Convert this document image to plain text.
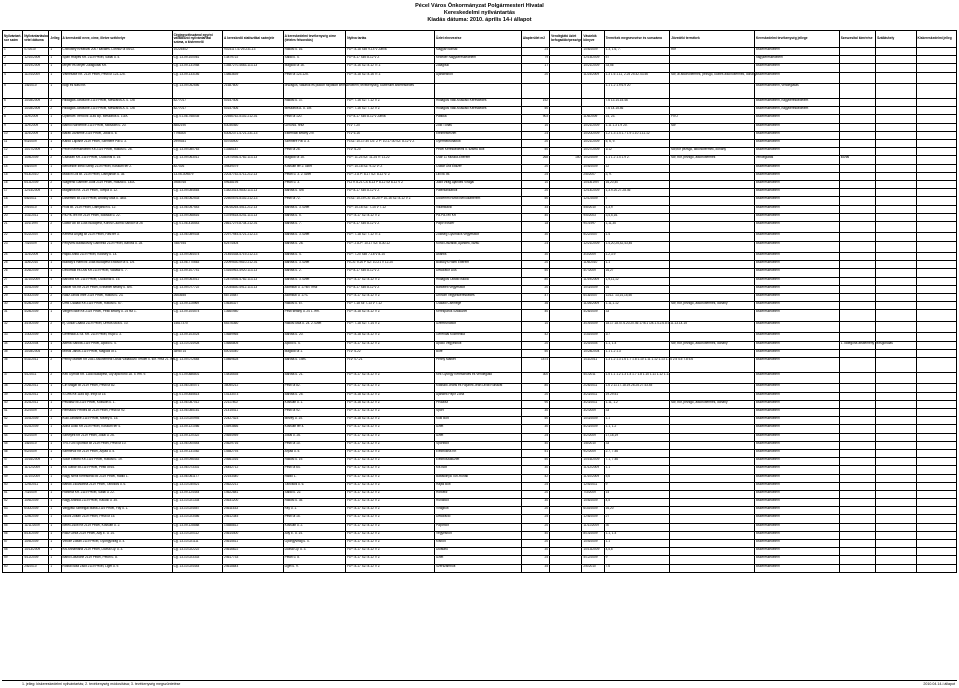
Pécel Város Önkormányzat Polgármesteri Hivatal
Kereskedelmi nyilvántartás
Kiadás dátuma: 2010. április 14-i állapot
Nyilvántart. sor szám	Nyilvántartásba vétel dátuma	Jelleg	A kereskedő neve, címe, illetve székhelye	Cégjegyzékszáma/ egyéni vállalkozói nyilvántartási száma, a kistermelő	A kereskedő statisztikai számjele	A kereskedelmi tevékenység címe (tételes felsorolás)	Nyitva tartás	Üzlet elnevezése	Alapterület m2	Vendéglátó üzlet befogadóképessége	Vásárlók könyve	Termékek megnevezése és sorszáma	Jövedéki termékek	Kereskedelmi tevékenység jellege	Szeszesital kimérése	Szálláshely	Kiskereskedelmi jelleg
1	07/2010	1	Chinoxley Kreatívai 2007 kavales. Lőrincz út 59/22.	10225402	9024117-4729-231-13	Rákosi u. 16.	H-P: 8-18 Szo 9-14 V Zárva	Magyar Bonsai	24		10/6/2009	1.3, 1.6, 7.	bor	kiskereskedelem			
2	12/10/2009	1	Spari Hrapes Kft. 2119 Pécel, Sallai u. 4.	Cg. 13-09-100061	13879722	Sallai u. 4.	H-P 8-17 Szo 8-12 V Z	Kelleder Nagykereskedelem	79		12/15/2009	57		nagykereskedelem			
3	10/19/2009	1	Meyer és Meyer Zalaglobal Kft.	Cg. 13-09-131958	13587270-4663-113-13	Maglódi út 16.	H-P: 8-16 SZ: 8-12 V: Z	Zalaglfúk	17		10/21/2009	33,56		kiskereskedelem			
4	11/24/2009	1	Vámeszke Kft. 2119 Pécel, Pesti út 123-125.	Cg. 13-09-133146	14863639	Pesti út 123-125.	H-P: 8-18 SZ: 8-16 V: Z	Ajándékbolt	20		11/24/2009	1.3 1.6 1.11, 2.25 25.42.43.46	sör, al alkoholtermék, pezsgő, köztes alkoholtermék, dohány	kiskereskedelem			
5	1/8/2010	1	Bogi és Nasi Kft.	Cg. 13-09-052656	21687800	országos, vásárok és piacon folytatott kereskedelem; tevékenység, közterület árkereskedés						1.1 1.2 1.9 6.9 20		kiskereskedelem, vendéglátás			
6	10/28/2009	2	Hildaglos Járvaone 2119 Pécel, Mészáros A. u. 1/B	8277017	50157406	Rákosi u. 37.	H-P: 7-16 SZ: 7-12 V Z	Hildaglos Vasi-Műszaki Kereskedés	192			7.6 13.14.15.46		kiskereskedelem, nagykereskedelem			
7	10/28/2009	2	Hildaglos Járvaone 2119 Pécel, Mészáros A. u. 1/B	8277017	50157406	Mészáros A. u. 1/B	H-P: 7-16 SZ: 7-12 V Z	Hildaglos Vasi-Műszaki Kereskedés	50			7.6 14.15.46		kiskereskedelem, nagykereskedelem			
8	11/9/2009	1	Optimum Trend Bt 1146 Bp. Mészáros u. 10/A	Cg. 01-06-768035	22556762-5102-212-01	Pesti út 120.	H-P 8-17 Szo 8-12 V Zárva	Patikka	903		11/6/2009	14, 23.	HTO	kiskereskedelem			
9	11/9/2009	1	Bánfői Norbertné 2119 Pécel, Mikszáth u. 20.	8882190	63036460	0290/64. hrsz	H-V 7-20	Zöld Tóriás	10		10/21/2009	1.11 1.3 1.9 20.	sör	kiskereskedelem			
10	11/4/2009	1	Baráti Józsefné 2119 Pécel, Jókai u. 6.	7796300	63052371-4721-231-13	Esterházi sétány 2/9.	H-V 6-16	Ételmesterzlet	24		10/20/2009	1.2 1.3 1.4 1.7 1.9 1.10 1.11.12		kiskereskedelem			
11	9/3/2009	1	Kardó Lajosné 2119 Pécel, Szemere Pál u. 3.	2999351	50706900	Szemere Pál u. 3.	H-SZ: 10-17:30 CS: Z P: 10-17:30 SZ: 8-12 V Z	Gyermekruhabolt	20		10/21/2009	5, 6, 9.		kiskereskedelem			
12	10/27/2009	1	Pécel Kereskedelmi Kft 2119 Pécel, Rákosi u. 28.	Cg. 13-09-080763	13366187	Pesti út 26.	H-V: 6-20	Pécel Kereskedelmi 5. számú Bolt	50		10/27/2009	1/12	sör,bor pezsgő, alkoholtermék, dohány	kiskereskedelem			
13	10/8/2009	2	Császári Kft. 2119 Pécel, Csokonai u. 15.	Cg. 13-09-063011	12874936-4782-113-13	Maglódi út 15.	H-P: 11-23 SZ: 11-24 V: 11-22	Csár 11 Musica-Étterem	268	150	10/2/2009	1.1 1.2 1.4 1.9 2.	sör, bor, pezsgő, alkoholtermék	vendéglátás	köztal		
14	4/8/2009	1	Berkiesne Ibedi Szelly 2119 Pécel, Kossuth tér 2.	827026	39839079	Kossuth tér 2. üzlet	H-P: 10-18 SZ: 9-12 V: Z	Csillár Óra Ékszer	20		10/5/2009	12		kiskereskedelem			
15	9/14/2010	1	Macich Lilli Bt. 2119 Pécel, Damjanich u. 35.	13-06-309879	22037752-4711-212-13	Petőfi u. 3. 2. üzlet	H-P: Z A P: 8-17 SZ: 8-12 V: Z	Lilli Bt. Bt.	25		2/8/2007	3, 9.		kiskereskedelem			
16	6/13/2009	2	Slagrend Gamber Judit 2119 Pécel, Haszai u. 14/A.	3986765	59638195	Petőfi u. 3.	H-2 K 8-21 CS 8-13 P 8-12 Sz 8-12 V Z	Judit Virág Ajándék Virágai	10		10/18/1997	16,20,40		kiskereskedelem			
17	12/14/2009	1	Magánvit Kft. 2119 Pécel, Tompa u. 12.	Cg. 13-09-084664	13823414-9830-113-13	Baross u. 5/B	H-P 8-17 Szo 8-12 V Z	Patentankabolt	20		12/14/2009	1,3.9.20.27.28.46		kiskereskedelem			
18	4/6/2011	1	Dzsemmi Bt 2119 Pécel, Ahossy utca u. 38/A	Cg. 13-06-062533	22500576-5102-212-13	Pesti út 72.	H-SZ: 10-19 CS: 10-20 P 10-16 SZ: 8-12 V Z	Dolcemm Riztot Bercukárterem	50		12/1/2009	7		kiskereskedelem			
19	2/9/2010	1	Filus Bt. 2119 Pécel, Damjanich u. 12.	Cg. 13-06-057543	28016264-4511-212-13	Baross u. 3. üzlet	H-P: 10-16 SZ: 7-14 V 7-12	Villamkácsi	34		4/8/2010	1,3,9		kiskereskedelem			
20	1/31/2011	1	Pa-Pa-Tex Kft 2119 Pécel, Bocskai u. 22.	Cg. 13-09-068616	13759618-5241-113-13	Baross u. 5.	H-P: 8-17 SZ: 8-12 V Z	Pa-Pa-Tex Kft	40		9/5/2003	3,4,5,16.		kiskereskedelem			
21	10/1/1997	2	Gábor Ati Bt 1158 Budapest, Kőrösi Csoma Sándor út 26	Cg. 01-06-416543	28617279-8734-212-01	Baross u. 7.	H-P 8-17 Szo 8-12 V Z	Papír Irószer	18		9/1/1997	1,11,30		kiskereskedelem			
22	5/22/2007	1	Kertész Anyag Bt 2119 Pécel, Fasi tér 3.	Cg. 13-06-089434	22977945-4721-212-13	Baross u. 3. üzlet	H-P: 7-18 SZ: 7-12 V: Z	Zöldség Gyümölcs Vegyesbolt	30		5/22/2007	1.4		kiskereskedelem			
23	7/4/2009	1	Fenyvesi Balaskovity Gabriella 2119 Pécel, Baross u. 28.	7887934	62574404	Baross u. 28.	H-P: Z A-P: 10-17 SZ: 8-30-12	Koral Díszállat, Ajándék, Bizsu	24		12/21/2009	1.4,20,25,42,43,46		kiskereskedelem			
24	11/4/2009	1	Hajdú Anita 2119 Pécel, Kölcsey u. 14.	Cg. 13-09-064474	21464438-4719-212-13	Baross u. 4.	H-P: 7-20 Szo 7-18 V 8-14	Atlantis	30		3/3/2009	1.2,3.9		kiskereskedelem			
25	11/6/2010	1	Buktoly's Hami Bt 1088 Budapest Erdősor út 4. 1/5.	Cg. 13-06-770663	22099530-9610-212-01	Baross u. 3. üzlet	H-CS: 9-20 P SZ: 10-21 V 12-20	Buktoly's Hami Étterem	20		11/6/2010	1.1		kiskereskedelem			
26	3/26/2009	1	Decorfald és Dus Kft 2119 Pécel, Vadász u. 7.	Cg. 13-09-107741	14165963-4920-113-13	Baross u. 2.	H-P 8-17 Szo 8-12 V Z	Dekoratőr Dus	50		4/7/2009	16,27		kiskereskedelem			
27	11/10/2009	1	Barcleid Kft. 2119 Pécel, Csokonai u. 15.	Cg. 13-09-063011	12874936-4782-113-13	Baross u. 3. üzlet	H-P: 8-17 SZ: 8-12 V Z	Hildaglos Oktató Iskola	80		11/19/2009	1,9,11,12		kiskereskedelem			
28	10/3/2009	1	Bálkei VB Kft 2119 Pécel, Erzsébet sétány u. 5/B.	Cg. 13-09-077722	12035830-4912-113-13	Álomkúti u. 17/B/7 hrsz	H-P 8-17 Szo 8-12 V Z	Bárkeleti Vegyesbolt	20		10/3/2009	16		kiskereskedelem			
29	6/30/2009	2	Nász János Imre 2119 Pécel, Rákosi u. 23.	2663655	68715587	Álomkúti u. 17/C	H-P: 8-17 SZ: 8-12 V Z	Dinnom Vegyeskereskedés	47		6/18/2007	11/12. 13,14,15,46		kiskereskedelem			
30	5/28/2009	2	UHB Családi Kft 2119 Pécel, Rákosi u. 67.	Cg. 13-09-115969	14636327	Rákosi u. 67.	H-P 7-18 Sz 7-13 V 7-12	Családi Csemege	36		11/26/2009	1.11,1.12	sör, bor, pezsgő, alkoholtermék, dohány	kiskereskedelem			
31	4/28/2009	1	Vargen Bike Kft 2119 Pécel, Pesti sétány u. 24 fsz 1.	Cg. 13-09-104574	13660980	Pesti sétány u. 24 1. em.	H-P: 8-18 SZ: 8-12 V Z	Kerékpáros Szaküzlet	40		4/28/2009	33		kiskereskedelem			
32	3/19/2009	2	ifj. Ócsai Csaba 2119 Pécel, Ürmös utca u. 10.	14617370	65376360	Rákosi utca u. 24. 2. üzlet	H-P: 7-18 SZ: 7-14 V Z	Üzemrúhabolt	10		3/19/2009	18.17.18.47.6.20.20.46 17/8.1 1/8.1.4.2.6.8.9.11.13.14.15		kiskereskedelem			
33	1/30/2009	1	Gerendai & Sz. Kft. 2119 Pécel, Ruja u. 3.	Cg. 13-09-103024	14689965	Baross u. 20.	H-P: 8-18 SZ: 8-12 V Z	Gerendai Kozmetika	42		1/30/2009	1/7		kiskereskedelem			
34	1/20/2004	1	Altena Sarolta 2119 Pécel, Apolló u. 4.	Cg. 13-10-014928	14666805	Ápolló u. 4.	H-P: 8-17 SZ: 8-12 V Z	Apolló Vegyesbolt	20		1/20/2004	1.1, 1.4	sör, bor, pezsgő, alkoholtermék, dohány	kiskereskedelem	1. kategória átfutemény pezsgőhálás		
35	10/28/2004	1	Mitrus János 2119 Pécel, Maglódi út 1.	3898714	60015040	Maglódi út 1.	H-V: 6-22	Büfé	50		10/28/2004	1.1 1.2 1.3		kiskereskedelem			
36	5/31/2011	2	Penny Market Kft 2351 Alsónémedi Ócsai Vállalkozó Terület 5. sor. Hrsz 21. em.	Cg. 13-09-072684	10869628	Baross u. 19/B.	H-V: 07-21	Penny Market	1474		1/11/2011	1.3 1.2 1.3 1.6 1.7 1.8 1.10 1.11 1.12 1.13 1.14 2.5 4.5 7.8 5.6		kiskereskedelem			
37	4/1/2011	2	Kék Gyrnoit Kft. 1188 Budapest, Öly apai fonó 18. II. em. 9.	Cg. 01-09-886801	14816535	Baross u. 21.	H-P: 8-17 SZ: 8-12 V Z	Kék Gyöngy Kereskedés és Vendéglátó	300		4/1/2011	1.5 1.1 1.2 1.3 1.4 1.7 1.8 1.10 1.11 1.12 1.13		kiskereskedelem			
38	2/26/2011	1	Ciri Magár Bt 2119 Pécel, Pesti út 82.	Cg. 13-06-030071	38050212	Pesti út 82.	H-P: 8-17 SZ: 8-12 V Z	Klasszik Jeans és Fajúnék Jean Divat Ruházat	80		2/26/2011	1.6 2.11.17.18.19.26.25.27.43.45		kiskereskedelem			
39	3/23/2011	1	S Lets Kft 1185 Bp. Irinyi út 15.	Cg. 01-09-845614	14133473	Baross u. 25.	H-P: 8-18 SZ: 8-12 V Z	Ajándék Papír Zóna	20		3/23/2011	19.29.51		kiskereskedelem			
40	3/23/2011	1	Peulaisz Bt 2119 Pécel, Kossuth u. 1.	Cg. 13-06-087012	22117802	Kossuth u. 1.	H-P: 8-18 SZ: 8-12 V Z	Peulaisz	90		3/23/2011	1.11, 1.2	sör, bor, pezsgő, alkoholtermék, dohány	kiskereskedelem			
41	3/2/2009	2	Hernadov Pentés Bt 2119 Pécel, Pesti út 92.	Cg. 13-06-085161	21415411	Pesti út 92.	H-P: 8-17 SZ: 8-12 V Z	Sport	30		3/2/2009	33		kiskereskedelem			
42	10/3/2009	1	Kuki Jánosné 2119 Pécel, Mezey u. 15.	Cg. 13-10-020993	22427423	Mezey u. 15.	H-P: 8-18 SZ: 8-12 V Z	Kuki Bolt	50		10/3/2009	1.1		kiskereskedelem			
43	4/23/2009	1	Adria Dokk Kft 2119 Pécel, Kossuth tér 4.	Cg. 13-09-121066	14593866	Kossuth tér 4.	H-P: 8-17 SZ: 8-12 V Z	Üzlet	30		4/23/2009	1.1, 1.2		kiskereskedelem			
44	4/2/2009	1	Szeviyeti Kft 2119 Pécel, Jókai u. 26.	Cg. 13-09-120322	24654959	Jókai u. 26.	H-P: 8-17 SZ: 8-12 V Z	Üzlet	25		4/2/2009	17,18,19		kiskereskedelem			
45	1/8/2010	1	TRI-TON Sportkot Bt 2119 Pécel, Pesti út 10.	Cg. 13-06-000544	24629716	Pesti út 10.	H-P: 8-17 SZ: 8-12 V Z	Sportbolt	40		1/8/2010	33		kiskereskedelem			
46	9/2/2009	1	Szemeviz Kft 2119 Pécel, Árpád u. 5.	Cg. 13-09-131082	14582793	Árpád u. 5.	H-P: 8-17 SZ: 8-12 V Z	Elektrokiss Kft	51		9/2/2009	2.7, 7.46		kiskereskedelem			
47	10/16/2009	1	Solar Elektro Kft 2119 Pécel, Rákosi u. 19.	Cg. 13-09-096453	24661016	Rákosi u. 19.	H-P: 8-17 SZ: 8-12 V Z	Elektroszaküzlet	50		10/16/2009	7.1, 7.46		kiskereskedelem			
48	11/12/2009	1	Kis Gábor Bt 2119 Pécel, Pesti út 64.	Cg. 13-06-073331	26452712	Pesti út 64.	H-P: 8-17 SZ: 8-12 V Z	Kis Bolt	30		11/12/2009	1.1		kiskereskedelem			
49	11/10/2009	1	Nagy Nénit Kereskedő Bt 2119 Pécel, Rádió 1.	Cg. 13-06-061177	22153440	Rádió 1.	H-P: 8-17 SZ: 8-12 V Z	Babaklinya Tun-Ruhák	42		11/10/2009	5,6		kiskereskedelem			
50	12/5/2011	1	Bartók Zsuzsanna 2119 Pécel, Táncsics u. 6.	Cg. 13-10-030521	24622211	Táncsics u. 6.	H-P: 8-17 SZ: 8-12 V Z	Hajas Bolt	25		12/5/2011	9		kiskereskedelem			
51	7/3/2009	1	Horkeliz Kft. 2119 Pécel, Sallai u. 22.	Cg. 13-09-124444	14622881	Sallai u. 22.	H-P: 8-17 SZ: 8-12 V Z	Horkeliz	20		7/3/2009	14		kiskereskedelem			
52	10/6/2009	1	Nagy Aranka 2119 Pécel, Rákosi u. 35.	Cg. 13-10-021334	24631200	Rákosi u. 35.	H-P: 8-17 SZ: 8-12 V Z	Ruhabolt	30		10/6/2009	4,5		kiskereskedelem			
53	6/30/2009	1	Vargyasi Szmeigal Mária 2119 Pécel, Fáy u. 1.	Cg. 13-10-024557	24611533	Fáy u. 1.	H-P: 8-17 SZ: 8-12 V Z	Virágbolt	20		6/30/2009	16,20		kiskereskedelem			
54	12/8/2009	1	Szűcs Zoltán 2119 Pécel, Pesti út 15.	Cg. 13-10-023456	24612345	Pesti út 15.	H-P: 8-17 SZ: 8-12 V Z	Dekoráció	25		12/8/2009	27		kiskereskedelem			
55	11/11/2009	1	Beteli-Zsolt Kft 2119 Pécel, Kossuth u. 2.	Cg. 13-09-128888	14588812	Kossuth u. 2.	H-P: 8-17 SZ: 8-12 V Z	Papírbolt	20		11/11/2009	30		kiskereskedelem			
56	8/14/2009	1	Rácz Géza 2119 Pécel, Ady E. u. 14.	Cg. 13-10-020112	24614400	Ady E. u. 14.	H-P: 8-17 SZ: 8-12 V Z	Vegyesbolt	40		8/14/2009	1.1, 1.4		kiskereskedelem			
57	10/5/2009	1	Vincze Zoltán 2119 Pécel, Gyöngyvirág u. 4.	Cg. 13-10-021111	24615511	Gyöngyvirág u. 4.	H-P: 8-17 SZ: 8-12 V Z	Kisbolt	20		10/5/2009	1.1		kiskereskedelem			
58	10/13/2009	1	Kis Annamária 2119 Pécel, Dózsa Gy. u. 3.	Cg. 13-10-022222	24616622	Dózsa Gy. u. 3.	H-P: 8-17 SZ: 8-12 V Z	Divatáru	30		10/13/2009	4,5,6		kiskereskedelem			
59	4/12/2009	1	Bánki Lászlóné 2119 Pécel, Petőfi u. 8.	Cg. 13-10-023333	24617733	Petőfi u. 8.	H-P: 8-17 SZ: 8-12 V Z	Üzlet	25		4/12/2009	9		kiskereskedelem			
60	2/6/2010	1	Rostai Bóta Zsolt 2119 Pécel, Liget u. 9.	Cg. 13-10-024444	24618844	Liget u. 9.	H-P: 8-17 SZ: 8-12 V Z	Szerszámbolt	35		2/6/2010	7.6		kiskereskedelem			
1. jelleg: kiskereskedelmi nyilvántartás; 2. tevékenység módosítása; 3. tevékenység megszüntetése	2010.04.14-i állapot
